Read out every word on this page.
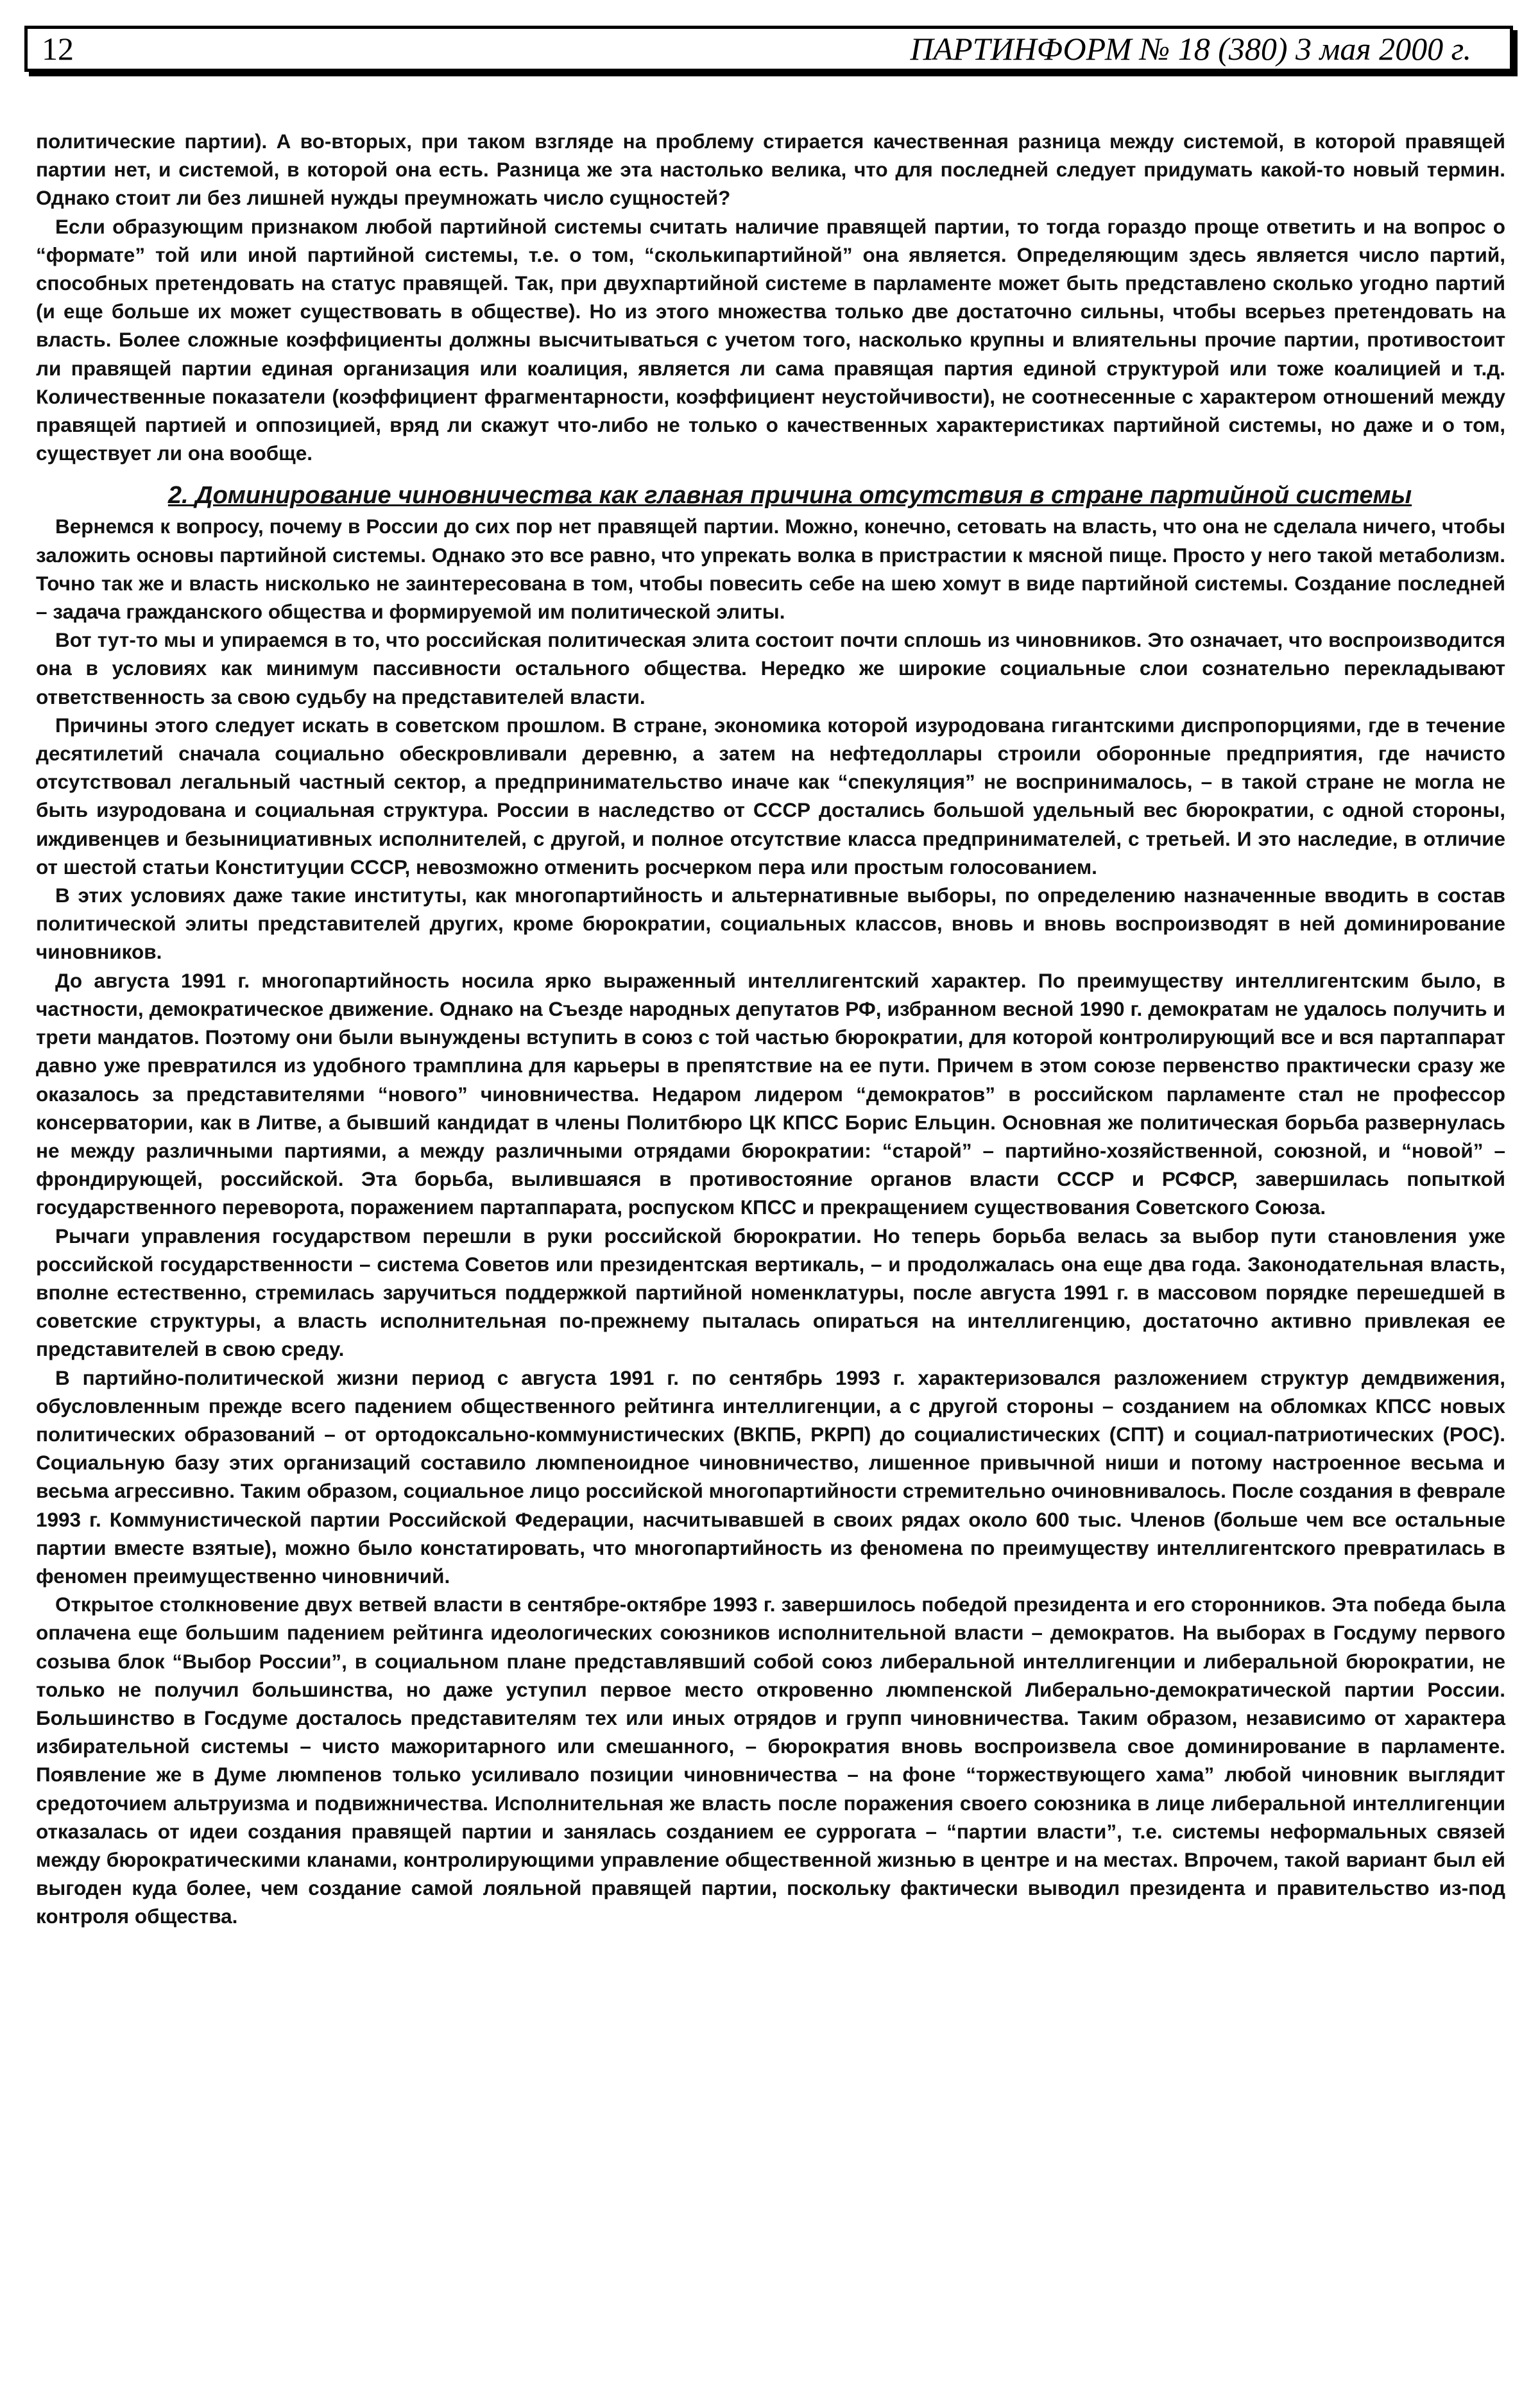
12	ПАРТИНФОРМ № 18 (380) 3 мая 2000 г.

политические партии). А во-вторых, при таком взгляде на проблему стирается качественная разница между системой, в которой правящей партии нет, и системой, в которой она есть. Разница же эта настолько велика, что для последней следует придумать какой-то новый термин. Однако стоит ли без лишней нужды преумножать число сущностей?

Если образующим признаком любой партийной системы считать наличие правящей партии, то тогда гораздо проще ответить и на вопрос о “формате” той или иной партийной системы, т.е. о том, “сколькипартийной” она является. Определяющим здесь является число партий, способных претендовать на статус правящей. Так, при двухпартийной системе в парламенте может быть представлено сколько угодно партий (и еще больше их может существовать в обществе). Но из этого множества только две достаточно сильны, чтобы всерьез претендовать на власть. Более сложные коэффициенты должны высчитываться с учетом того, насколько крупны и влиятельны прочие партии, противостоит ли правящей партии единая организация или коалиция, является ли сама правящая партия единой структурой или тоже коалицией и т.д. Количественные показатели (коэффициент фрагментарности, коэффициент неустойчивости), не соотнесенные с характером отношений между правящей партией и оппозицией, вряд ли скажут что-либо не только о качественных характеристиках партийной системы, но даже и о том, существует ли она вообще.

2. Доминирование чиновничества как главная причина отсутствия в стране партийной системы

Вернемся к вопросу, почему в России до сих пор нет правящей партии. Можно, конечно, сетовать на власть, что она не сделала ничего, чтобы заложить основы партийной системы. Однако это все равно, что упрекать волка в пристрастии к мясной пище. Просто у него такой метаболизм. Точно так же и власть нисколько не заинтересована в том, чтобы повесить себе на шею хомут в виде партийной системы. Создание последней – задача гражданского общества и формируемой им политической элиты.

Вот тут-то мы и упираемся в то, что российская политическая элита состоит почти сплошь из чиновников. Это означает, что воспроизводится она в условиях как минимум пассивности остального общества. Нередко же широкие социальные слои сознательно перекладывают ответственность за свою судьбу на представителей власти.

Причины этого следует искать в советском прошлом. В стране, экономика которой изуродована гигантскими диспропорциями, где в течение десятилетий сначала социально обескровливали деревню, а затем на нефтедоллары строили оборонные предприятия, где начисто отсутствовал легальный частный сектор, а предпринимательство иначе как “спекуляция” не воспринималось, – в такой стране не могла не быть изуродована и социальная структура. России в наследство от СССР достались большой удельный вес бюрократии, с одной стороны, иждивенцев и безынициативных исполнителей, с другой, и полное отсутствие класса предпринимателей, с третьей. И это наследие, в отличие от шестой статьи Конституции СССР, невозможно отменить росчерком пера или простым голосованием.

В этих условиях даже такие институты, как многопартийность и альтернативные выборы, по определению назначенные вводить в состав политической элиты представителей других, кроме бюрократии, социальных классов, вновь и вновь воспроизводят в ней доминирование чиновников.

До августа 1991 г. многопартийность носила ярко выраженный интеллигентский характер. По преимуществу интеллигентским было, в частности, демократическое движение. Однако на Съезде народных депутатов РФ, избранном весной 1990 г. демократам не удалось получить и трети мандатов. Поэтому они были вынуждены вступить в союз с той частью бюрократии, для которой контролирующий все и вся партаппарат давно уже превратился из удобного трамплина для карьеры в препятствие на ее пути. Причем в этом союзе первенство практически сразу же оказалось за представителями “нового” чиновничества. Недаром лидером “демократов” в российском парламенте стал не профессор консерватории, как в Литве, а бывший кандидат в члены Политбюро ЦК КПСС Борис Ельцин. Основная же политическая борьба развернулась не между различными партиями, а между различными отрядами бюрократии: “старой” – партийно-хозяйственной, союзной, и “новой” – фрондирующей, российской. Эта борьба, вылившаяся в противостояние органов власти СССР и РСФСР, завершилась попыткой государственного переворота, поражением партаппарата, роспуском КПСС и прекращением существования Советского Союза.

Рычаги управления государством перешли в руки российской бюрократии. Но теперь борьба велась за выбор пути становления уже российской государственности – система Советов или президентская вертикаль, – и продолжалась она еще два года. Законодательная власть, вполне естественно, стремилась заручиться поддержкой партийной номенклатуры, после августа 1991 г. в массовом порядке перешедшей в советские структуры, а власть исполнительная по-прежнему пыталась опираться на интеллигенцию, достаточно активно привлекая ее представителей в свою среду.

В партийно-политической жизни период с августа 1991 г. по сентябрь 1993 г. характеризовался разложением структур демдвижения, обусловленным прежде всего падением общественного рейтинга интеллигенции, а с другой стороны – созданием на обломках КПСС новых политических образований – от ортодоксально-коммунистических (ВКПБ, РКРП) до социалистических (СПТ) и социал-патриотических (РОС). Социальную базу этих организаций составило люмпеноидное чиновничество, лишенное привычной ниши и потому настроенное весьма и весьма агрессивно. Таким образом, социальное лицо российской многопартийности стремительно очиновнивалось. После создания в феврале 1993 г. Коммунистической партии Российской Федерации, насчитывавшей в своих рядах около 600 тыс. Членов (больше чем все остальные партии вместе взятые), можно было констатировать, что многопартийность из феномена по преимуществу интеллигентского превратилась в феномен преимущественно чиновничий.

Открытое столкновение двух ветвей власти в сентябре-октябре 1993 г. завершилось победой президента и его сторонников. Эта победа была оплачена еще большим падением рейтинга идеологических союзников исполнительной власти – демократов. На выборах в Госдуму первого созыва блок “Выбор России”, в социальном плане представлявший собой союз либеральной интеллигенции и либеральной бюрократии, не только не получил большинства, но даже уступил первое место откровенно люмпенской Либерально-демократической партии России. Большинство в Госдуме досталось представителям тех или иных отрядов и групп чиновничества. Таким образом, независимо от характера избирательной системы – чисто мажоритарного или смешанного, – бюрократия вновь воспроизвела свое доминирование в парламенте. Появление же в Думе люмпенов только усиливало позиции чиновничества – на фоне “торжествующего хама” любой чиновник выглядит средоточием альтруизма и подвижничества. Исполнительная же власть после поражения своего союзника в лице либеральной интеллигенции отказалась от идеи создания правящей партии и занялась созданием ее суррогата – “партии власти”, т.е. системы неформальных связей между бюрократическими кланами, контролирующими управление общественной жизнью в центре и на местах. Впрочем, такой вариант был ей выгоден куда более, чем создание самой лояльной правящей партии, поскольку фактически выводил президента и правительство из-под контроля общества.
